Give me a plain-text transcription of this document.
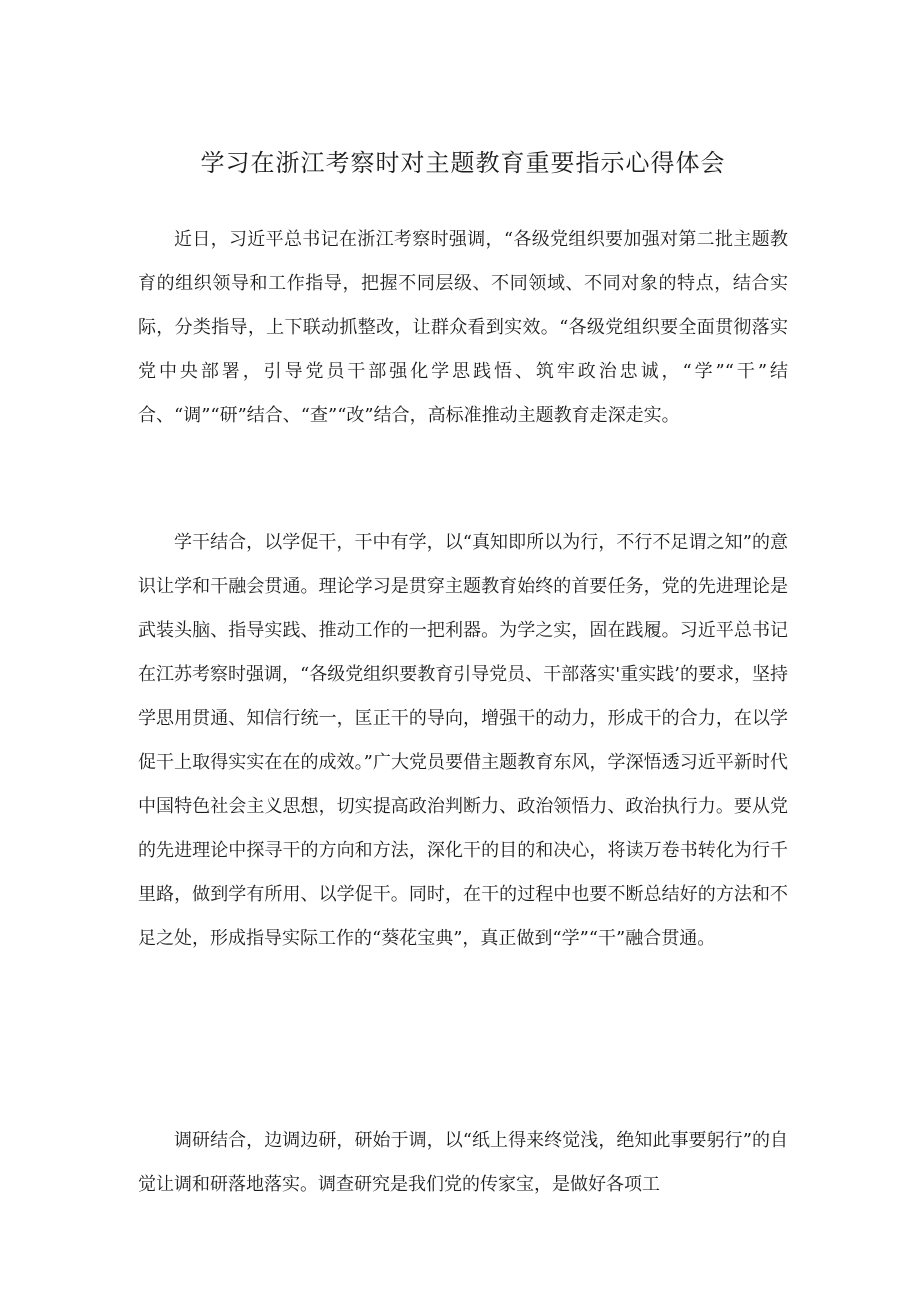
学习在浙江考察时对主题教育重要指示心得体会

近日，习近平总书记在浙江考察时强调，“各级党组织要加强对第二批主题教育的组织领导和工作指导，把握不同层级、不同领域、不同对象的特点，结合实际，分类指导，上下联动抓整改，让群众看到实效。“各级党组织要全面贯彻落实党中央部署，引导党员干部强化学思践悟、筑牢政治忠诚，“学”“干”结合、“调”“研”结合、“查”“改”结合，高标准推动主题教育走深走实。

学干结合，以学促干，干中有学，以“真知即所以为行，不行不足谓之知”的意识让学和干融会贯通。理论学习是贯穿主题教育始终的首要任务，党的先进理论是武装头脑、指导实践、推动工作的一把利器。为学之实，固在践履。习近平总书记在江苏考察时强调，“各级党组织要教育引导党员、干部落实'重实践’的要求，坚持学思用贯通、知信行统一，匡正干的导向，增强干的动力，形成干的合力，在以学促干上取得实实在在的成效。”广大党员要借主题教育东风，学深悟透习近平新时代中国特色社会主义思想，切实提高政治判断力、政治领悟力、政治执行力。要从党的先进理论中探寻干的方向和方法，深化干的目的和决心，将读万卷书转化为行千里路，做到学有所用、以学促干。同时，在干的过程中也要不断总结好的方法和不足之处，形成指导实际工作的“葵花宝典”，真正做到“学”“干”融合贯通。

调研结合，边调边研，研始于调，以“纸上得来终觉浅，绝知此事要躬行”的自觉让调和研落地落实。调查研究是我们党的传家宝，是做好各项工
